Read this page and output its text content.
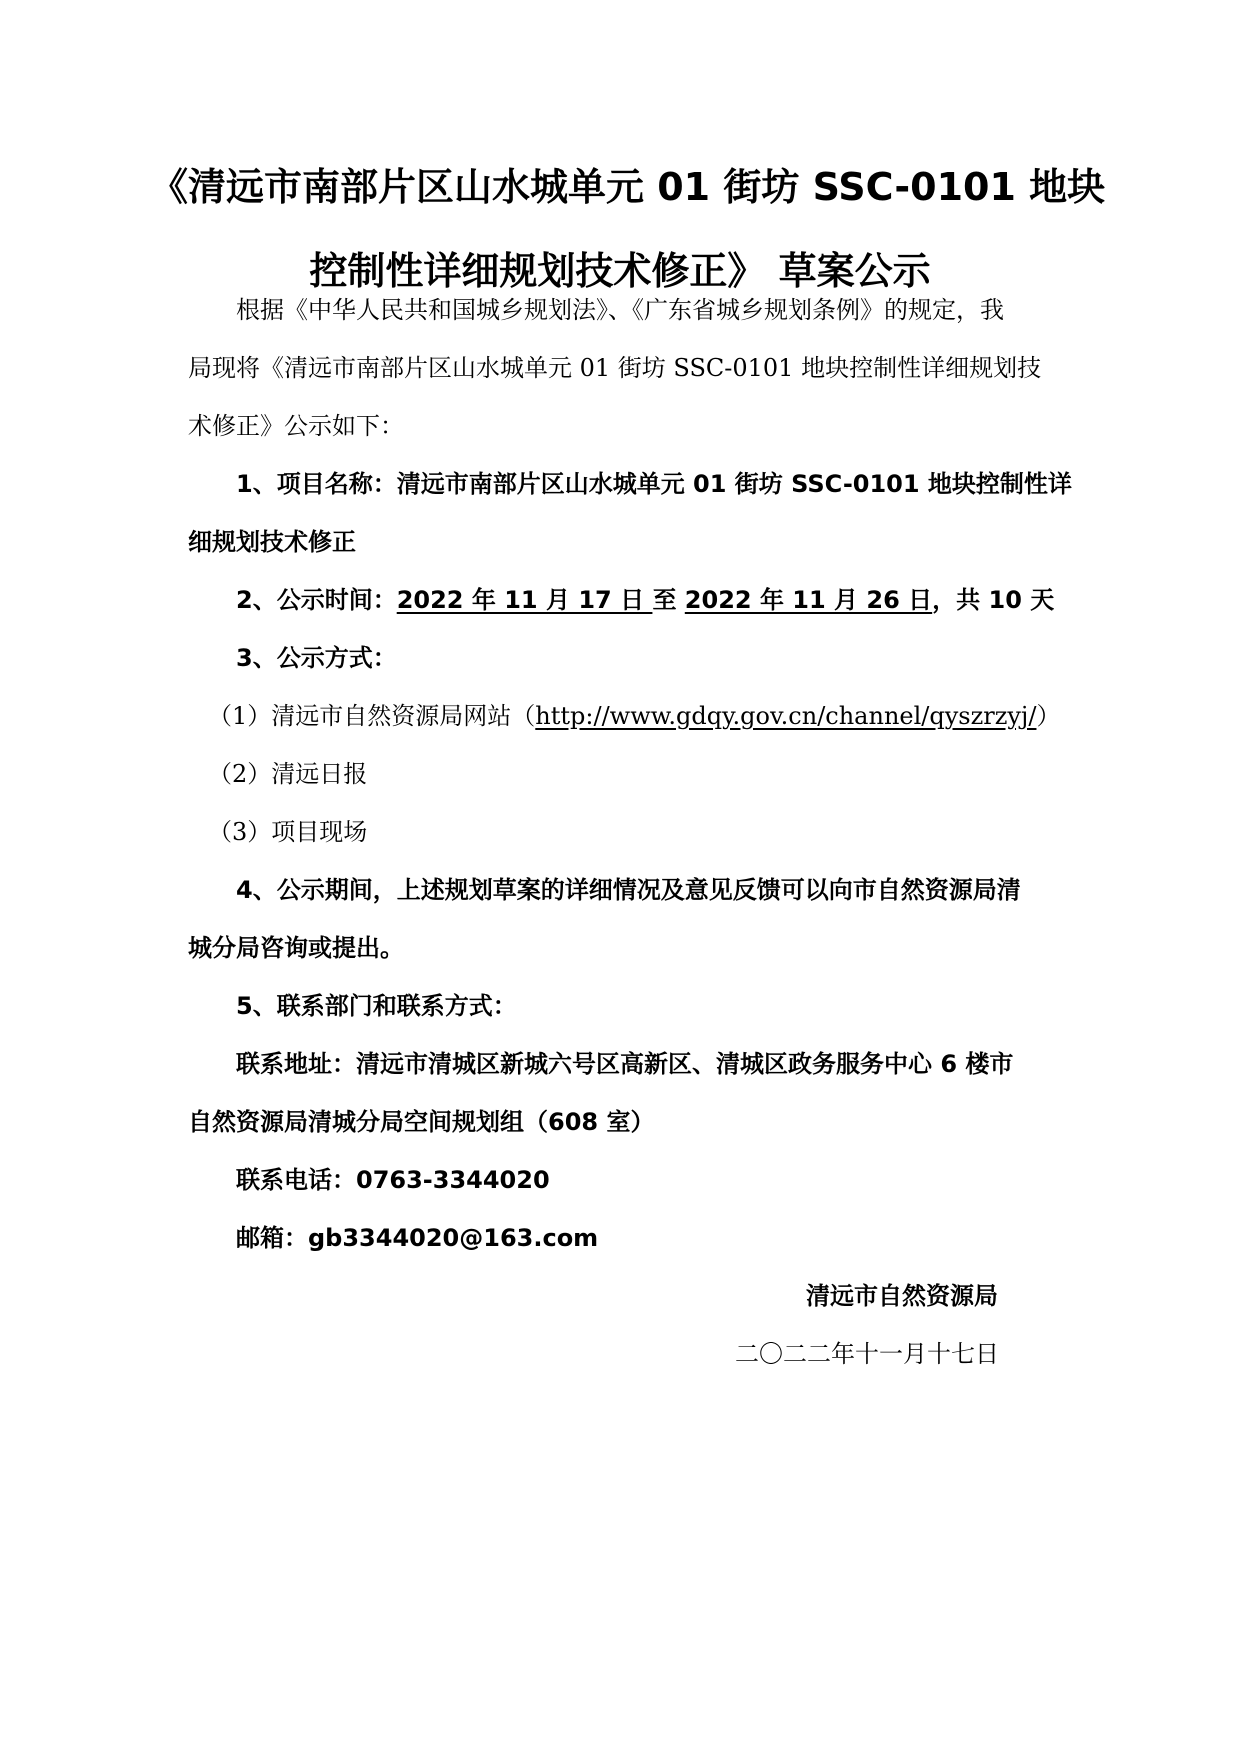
《清远市南部片区山水城单元 01 街坊 SSC-0101 地块
控制性详细规划技术修正》 草案公示
根据《中华人民共和国城乡规划法》、《广东省城乡规划条例》的规定，我
局现将《清远市南部片区山水城单元 01 街坊 SSC-0101 地块控制性详细规划技
术修正》公示如下：
1、项目名称：清远市南部片区山水城单元 01 街坊 SSC-0101 地块控制性详
细规划技术修正
2、公示时间：2022 年 11 月 17 日 至 2022 年 11 月 26 日，共 10 天
3、公示方式：
（1）清远市自然资源局网站（http://www.gdqy.gov.cn/channel/qyszrzyj/）
（2）清远日报
（3）项目现场
4、公示期间，上述规划草案的详细情况及意见反馈可以向市自然资源局清
城分局咨询或提出。
5、联系部门和联系方式：
联系地址：清远市清城区新城六号区高新区、清城区政务服务中心 6 楼市
自然资源局清城分局空间规划组（608 室）
联系电话：0763-3344020
邮箱：gb3344020@163.com
清远市自然资源局
二〇二二年十一月十七日
